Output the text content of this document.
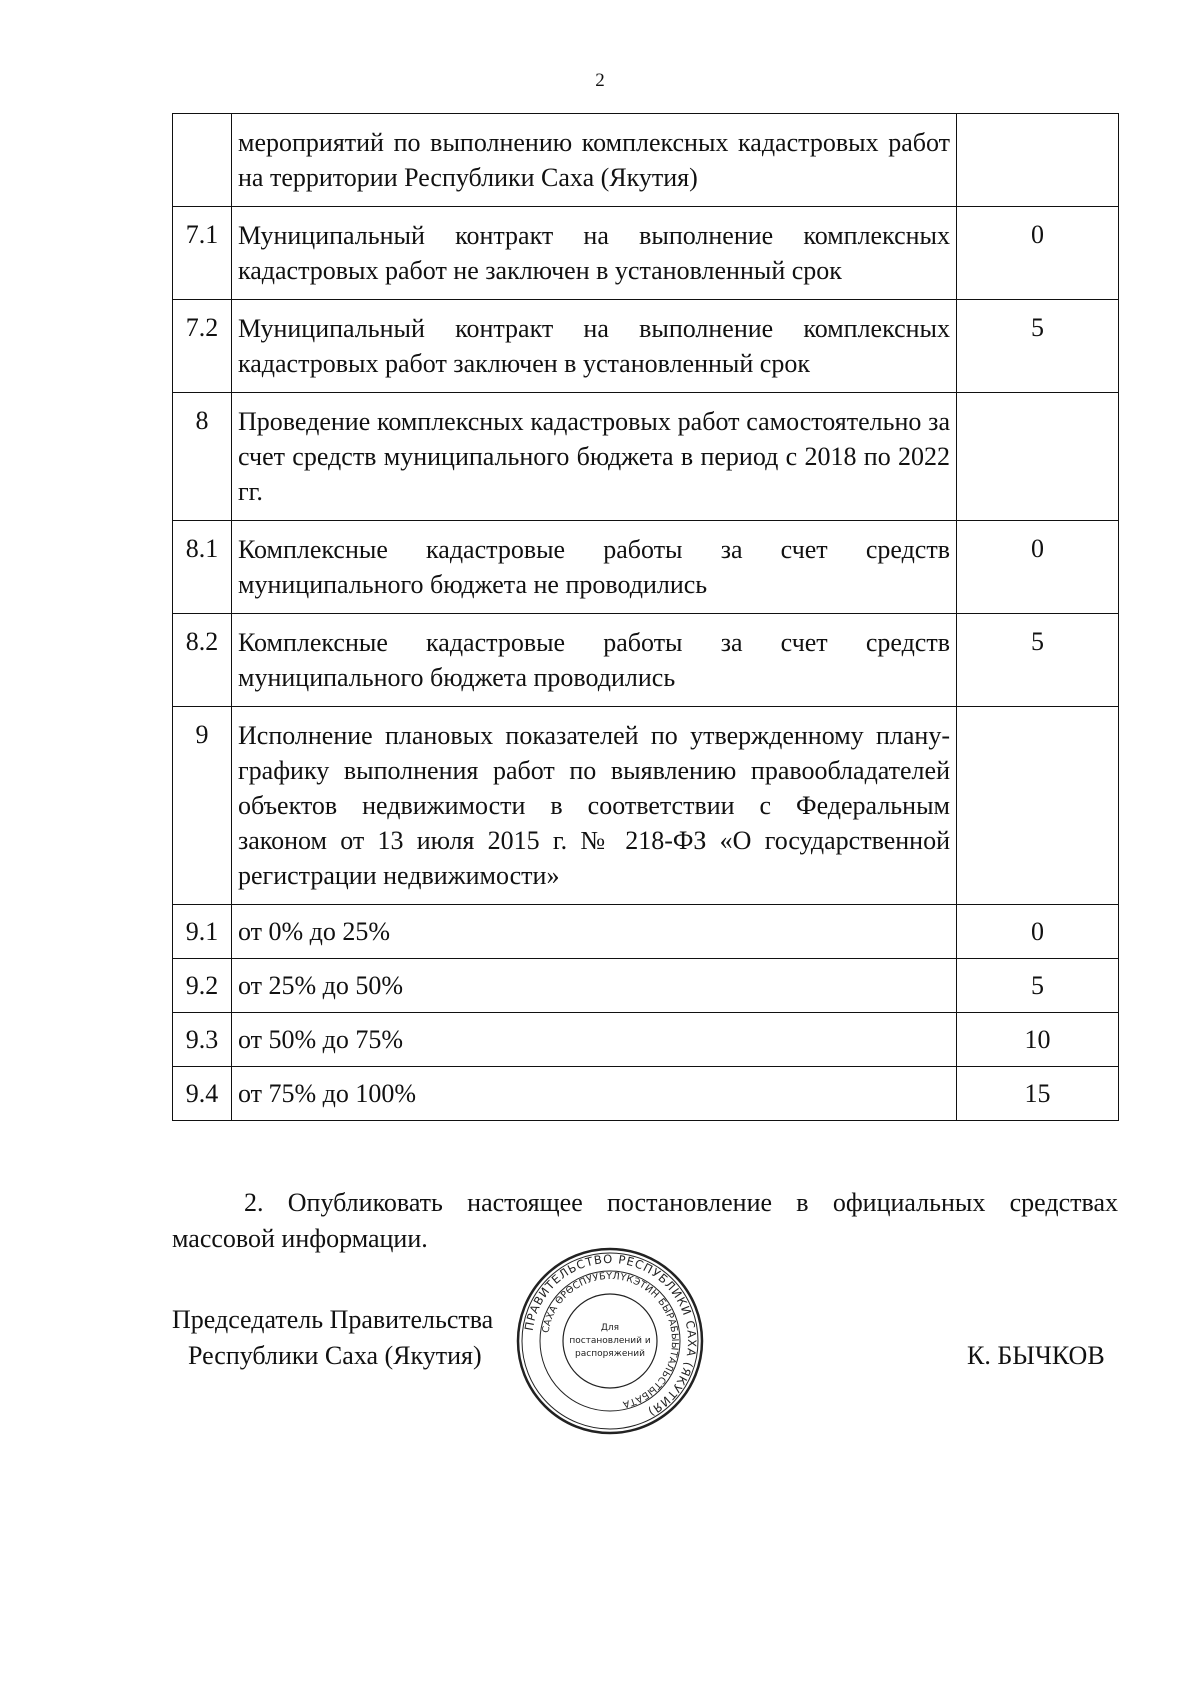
2
	мероприятий по выполнению комплексных кадастровых работ на территории Республики Саха (Якутия)	
7.1	Муниципальный контракт на выполнение комплексных кадастровых работ не заключен в установленный срок	0
7.2	Муниципальный контракт на выполнение комплексных кадастровых работ заключен в установленный срок	5
8	Проведение комплексных кадастровых работ самостоятельно за счет средств муниципального бюджета в период с 2018 по 2022 гг.	
8.1	Комплексные кадастровые работы за счет средств муниципального бюджета не проводились	0
8.2	Комплексные кадастровые работы за счет средств муниципального бюджета проводились	5
9	Исполнение плановых показателей по утвержденному плану-графику выполнения работ по выявлению правообладателей объектов недвижимости в соответствии с Федеральным законом от 13 июля 2015 г. № 218-ФЗ «О государственной регистрации недвижимости»	
9.1	от 0% до 25%	0
9.2	от 25% до 50%	5
9.3	от 50% до 75%	10
9.4	от 75% до 100%	15

2. Опубликовать настоящее постановление в официальных средствах массовой информации.

Председатель Правительства
Республики Саха (Якутия)	К. БЫЧКОВ
ПРАВИТЕЛЬСТВО РЕСПУБЛИКИ САХА (ЯКУТИЯ)
САХА ӨРӨСПУУБҮЛҮКЭТИН БЫРАБЫЫТАЛЬСТЫБАТА
Для
постановлений и
распоряжений
